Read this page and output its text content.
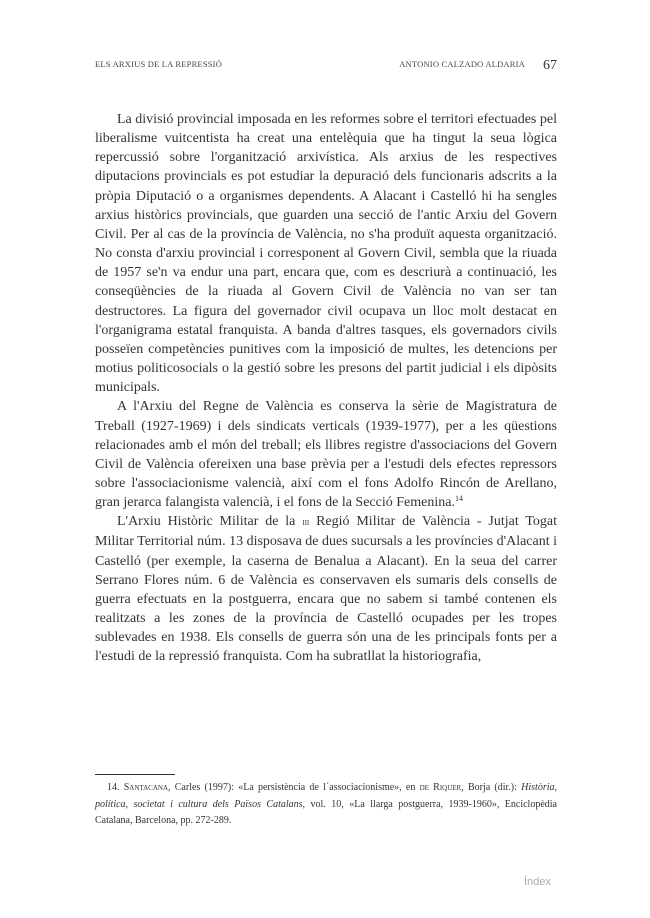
ELS ARXIUS DE LA REPRESSIÓ	ANTONIO CALZADO ALDARIA 67

La divisió provincial imposada en les reformes sobre el territori efectuades pel liberalisme vuitcentista ha creat una entelèquia que ha tingut la seua lògica repercussió sobre l'organització arxivística. Als arxius de les respectives diputacions provincials es pot estudiar la depuració dels funcionaris adscrits a la pròpia Diputació o a organismes dependents. A Alacant i Castelló hi ha sengles arxius històrics provincials, que guarden una secció de l'antic Arxiu del Govern Civil. Per al cas de la província de València, no s'ha produït aquesta organització. No consta d'arxiu provincial i corresponent al Govern Civil, sembla que la riuada de 1957 se'n va endur una part, encara que, com es descriurà a continuació, les conseqüències de la riuada al Govern Civil de València no van ser tan destructores. La figura del governador civil ocupava un lloc molt destacat en l'organigrama estatal franquista. A banda d'altres tasques, els governadors civils posseïen competències punitives com la imposició de multes, les detencions per motius politicosocials o la gestió sobre les presons del partit judicial i els dipòsits municipals.

A l'Arxiu del Regne de València es conserva la sèrie de Magistratura de Treball (1927-1969) i dels sindicats verticals (1939-1977), per a les qüestions relacionades amb el món del treball; els llibres registre d'associacions del Govern Civil de València ofereixen una base prèvia per a l'estudi dels efectes repressors sobre l'associacionisme valencià, així com el fons Adolfo Rincón de Arellano, gran jerarca falangista valencià, i el fons de la Secció Femenina.$^{14}$

L'Arxiu Històric Militar de la iii Regió Militar de València - Jutjat Togat Militar Territorial núm. 13 disposava de dues sucursals a les províncies d'Alacant i Castelló (per exemple, la caserna de Benalua a Alacant). En la seua del carrer Serrano Flores núm. 6 de València es conservaven els sumaris dels consells de guerra efectuats en la postguerra, encara que no sabem si també contenen els realitzats a les zones de la província de Castelló ocupades per les tropes sublevades en 1938. Els consells de guerra són una de les principals fonts per a l'estudi de la repressió franquista. Com ha subratllat la historiografia,

14. Santacana, Carles (1997): «La persistència de l´associacionisme», en de Riquer, Borja (dir.): Història, política, societat i cultura dels Països Catalans, vol. 10, «La llarga postguerra, 1939-1960», Enciclopèdia Catalana, Barcelona, pp. 272-289.

Índex
